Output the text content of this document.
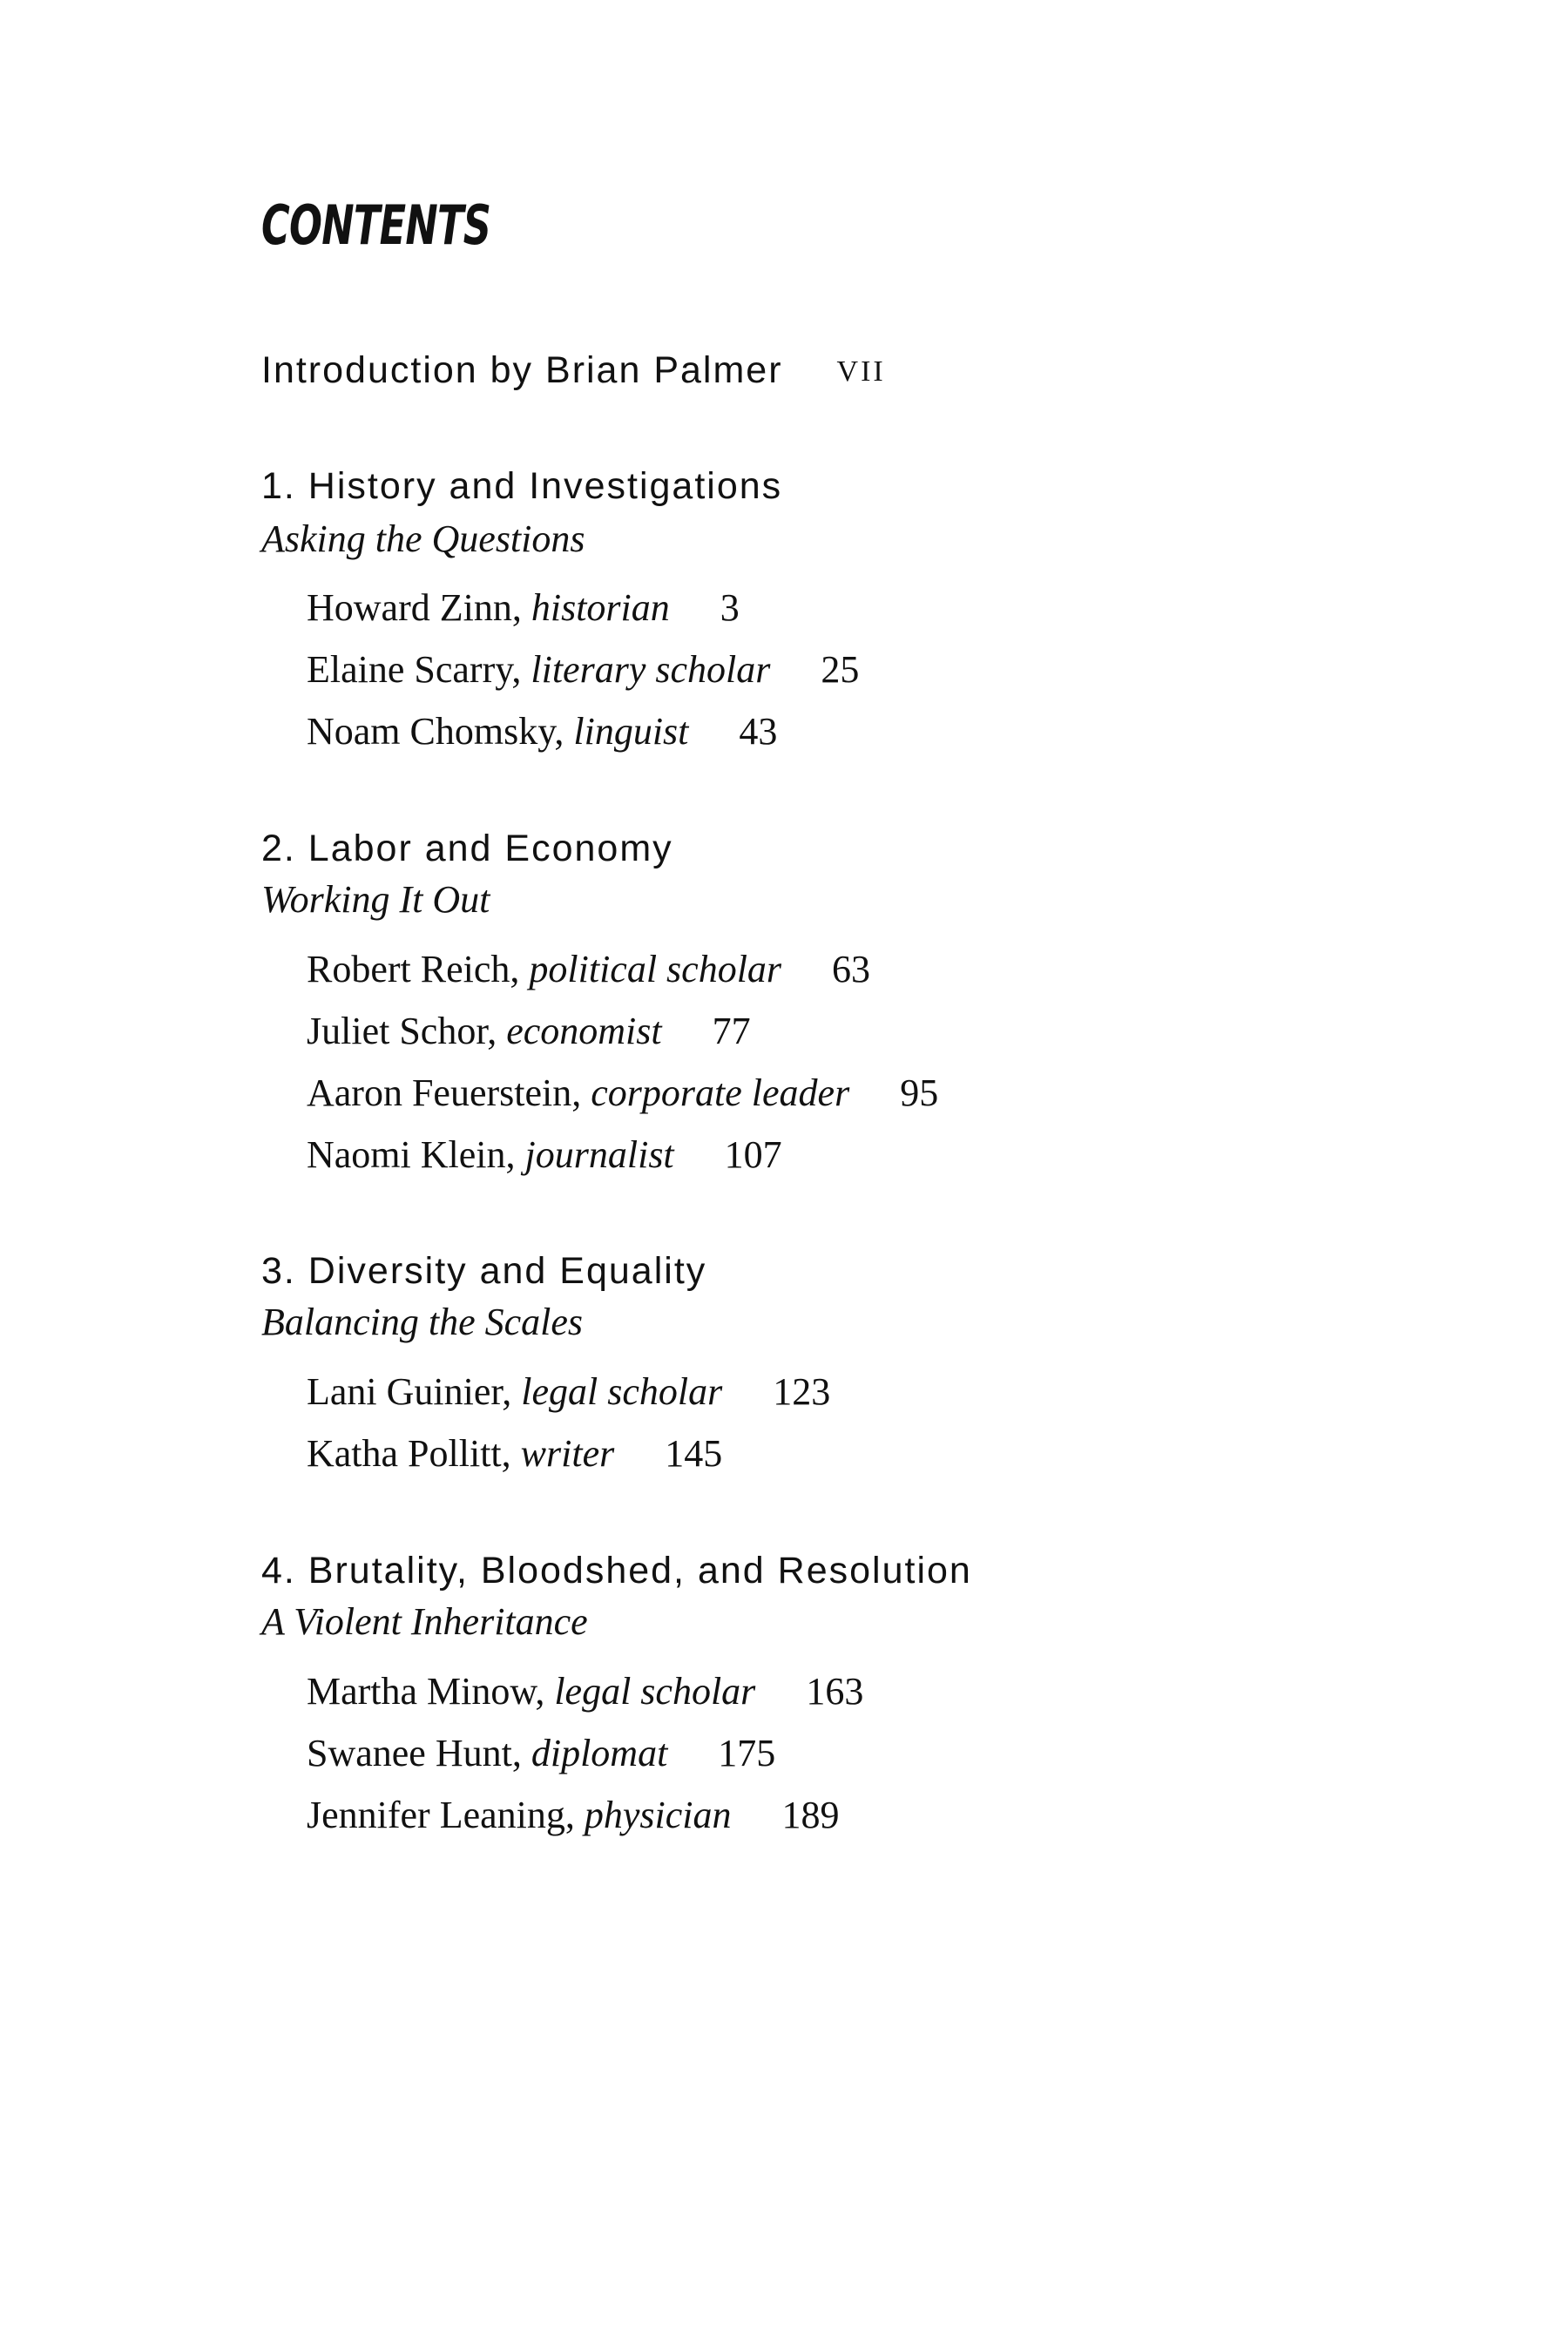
CONTENTS
Introduction by Brian Palmer VII
1. History and Investigations
Asking the Questions
Howard Zinn, historian 3
Elaine Scarry, literary scholar 25
Noam Chomsky, linguist 43
2. Labor and Economy
Working It Out
Robert Reich, political scholar 63
Juliet Schor, economist 77
Aaron Feuerstein, corporate leader 95
Naomi Klein, journalist 107
3. Diversity and Equality
Balancing the Scales
Lani Guinier, legal scholar 123
Katha Pollitt, writer 145
4. Brutality, Bloodshed, and Resolution
A Violent Inheritance
Martha Minow, legal scholar 163
Swanee Hunt, diplomat 175
Jennifer Leaning, physician 189
